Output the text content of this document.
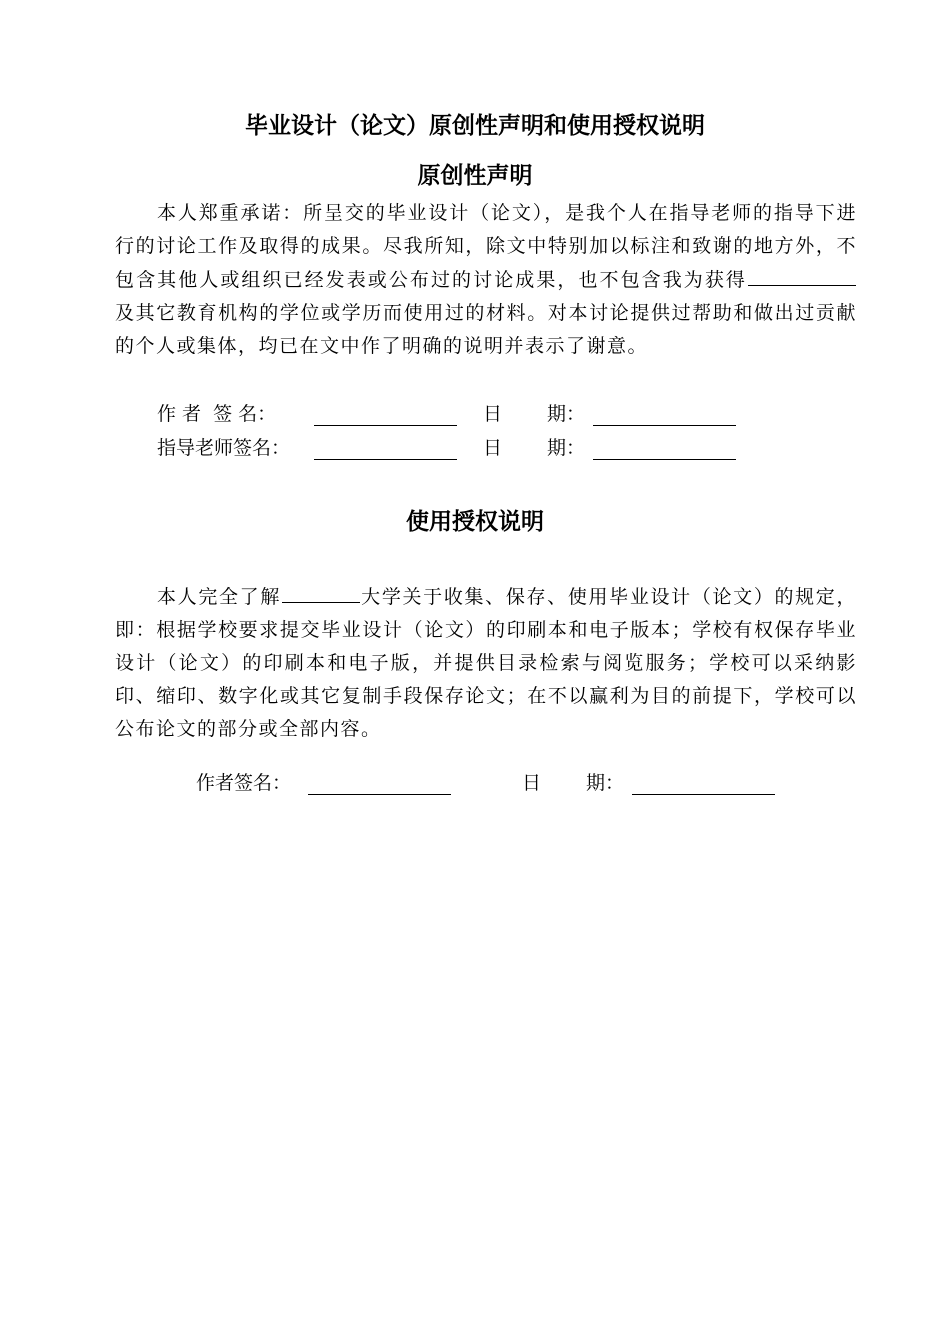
毕业设计（论文）原创性声明和使用授权说明
原创性声明

本人郑重承诺：所呈交的毕业设计（论文），是我个人在指导老师的指导下进行的讨论工作及取得的成果。尽我所知，除文中特别加以标注和致谢的地方外，不包含其他人或组织已经发表或公布过的讨论成果，也不包含我为获得及其它教育机构的学位或学历而使用过的材料。对本讨论提供过帮助和做出过贡献的个人或集体，均已在文中作了明确的说明并表示了谢意。

作 者  签 名：	日 期：
指导老师签名：	日 期：
使用授权说明

本人完全了解	大学关于收集、保存、使用毕业设计（论文）的规定，即：根据学校要求提交毕业设计（论文）的印刷本和电子版本；学校有权保存毕业设计（论文）的印刷本和电子版，并提供目录检索与阅览服务；学校可以采纳影印、缩印、数字化或其它复制手段保存论文；在不以赢利为目的前提下，学校可以公布论文的部分或全部内容。

作者签名：	日 期：
